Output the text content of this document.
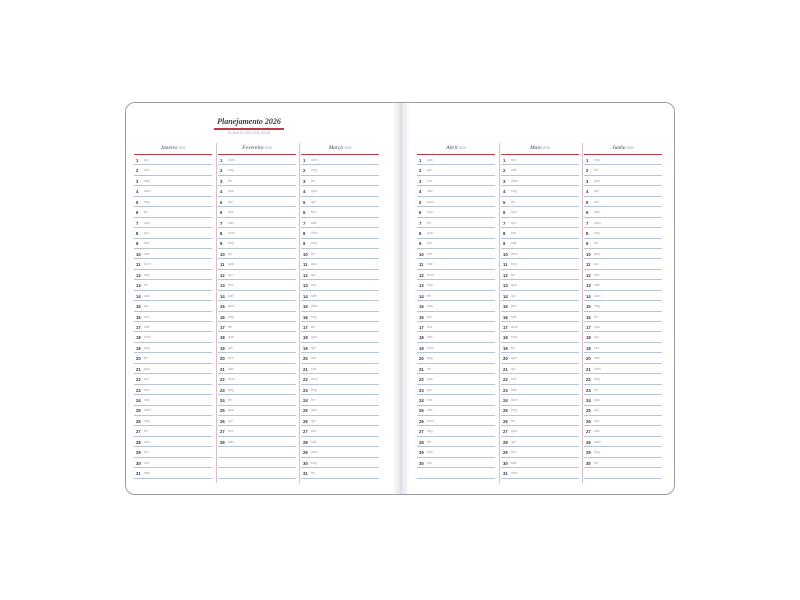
Planejamento 2026
PLANIFICACIÓN 2026
Janeiro2026
1	qui
2	sex
3	sáb
4	dom
5	seg
6	ter
7	qua
8	qui
9	sex
10 sáb
11	dom
12 seg
13 ter
14 qua
15 qui
16 sex
17 sáb
18 dom
19 seg
20 ter
21 qua
22 qui
23 sex
24 sáb
25 dom
26 seg
27 ter
28 qua
29 qui
30 sex
31 sáb
Fevereiro2026
1	dom
2	seg
3	ter
4	qua
5	qui
6	sex
7	sáb
8	dom
9	seg
10 ter
11	qua
12 qui
13 sex
14 sáb
15 dom
16 seg
17 ter
18 qua
19 qui
20 sex
21 sáb
22 dom
23 seg
24 ter
25 qua
26 qui
27 sex
28 sáb
Março2026
1	dom
2	seg
3	ter
4	qua
5	qui
6	sex
7	sáb
8	dom
9	seg
10 ter
11	qua
12 qui
13 sex
14 sáb
15 dom
16 seg
17 ter
18 qua
19 qui
20 sex
21 sáb
22 dom
23 seg
24 ter
25 qua
26 qui
27 sex
28 sáb
29 dom
30 seg
31 ter
Abril2026
1	qua
2	qui
3	sex
4	sáb
5	dom
6	seg
7	ter
8	qua
9	qui
10 sex
11	sáb
12 dom
13 seg
14 ter
15 qua
16 qui
17 sex
18 sáb
19 dom
20 seg
21 ter
22 qua
23 qui
24 sex
25 sáb
26 dom
27 seg
28 ter
29 qua
30 qui
Maio2026
1	sex
2	sáb
3	dom
4	seg
5	ter
6	qua
7	qui
8	sex
9	sáb
10 dom
11	seg
12 ter
13 qua
14 qui
15 sex
16 sáb
17 dom
18 seg
19 ter
20 qua
21 qui
22 sex
23 sáb
24 dom
25 seg
26 ter
27 qua
28 qui
29 sex
30 sáb
31 dom
Junho2026
1	seg
2	ter
3	qua
4	qui
5	sex
6	sáb
7	dom
8	seg
9	ter
10 qua
11	qui
12 sex
13 sáb
14 dom
15 seg
16 ter
17 qua
18 qui
19 sex
20 sáb
21 dom
22 seg
23 ter
24 qua
25 qui
26 sex
27 sáb
28 dom
29 seg
30 ter
